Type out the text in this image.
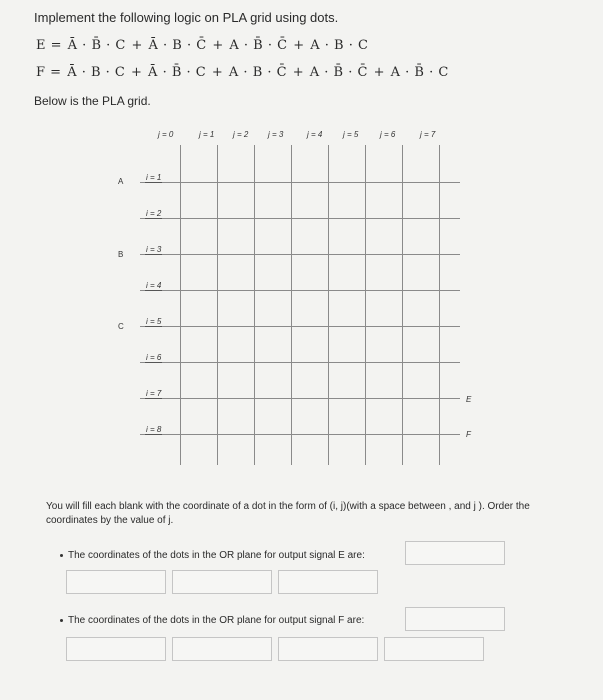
Implement the following logic on PLA grid using dots.
E = Ā · B̄ · C + Ā · B · C̄ + A · B̄ · C̄ + A · B · C
F = Ā · B · C + Ā · B̄ · C + A · B · C̄ + A · B̄ · C̄ + A · B̄ · C
Below is the PLA grid.
j = 0	j = 1 j = 2 j = 3	j = 4	j = 5	j = 6	j = 7
i = 1
i = 2
i = 3
i = 4
i = 5
i = 6
i = 7
i = 8
A
B
C
E
F
You will fill each blank with the coordinate of a dot in the form of (i, j)(with a space between , and j ). Order the coordinates by the value of j.
The coordinates of the dots in the OR plane for output signal E are:
The coordinates of the dots in the OR plane for output signal F are:
